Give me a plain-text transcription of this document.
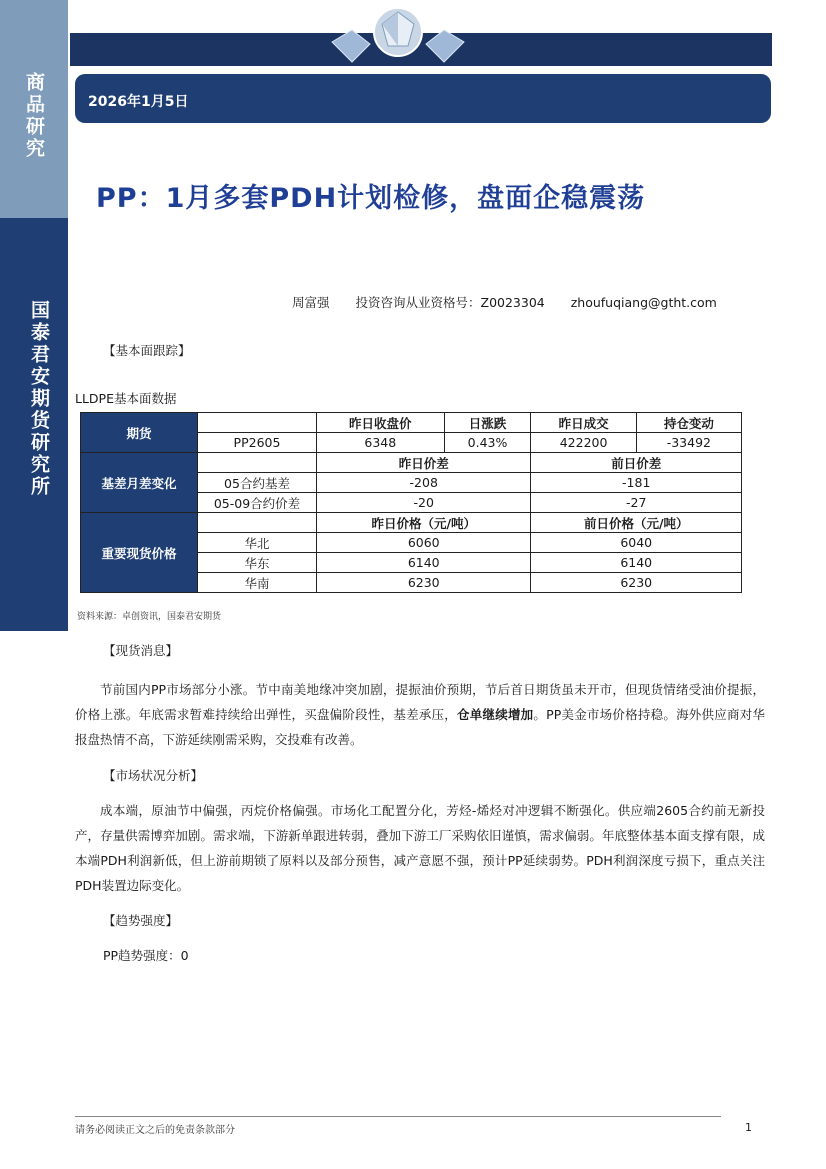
商品研究
国泰君安期货研究所
2026年1月5日
PP：1月多套PDH计划检修，盘面企稳震荡
周富强 投资咨询从业资格号：Z0023304 zhoufuqiang@gtht.com
【基本面跟踪】
LLDPE基本面数据
期货		昨日收盘价	日涨跌	昨日成交	持仓变动
	PP2605	6348	0.43%	422200	-33492
基差月差变化		昨日价差		前日价差	
	05合约基差	-208		-181	
	05-09合约价差	-20		-27	
重要现货价格		昨日价格（元/吨）		前日价格（元/吨）	
	华北	6060		6040	
	华东	6140		6140	
	华南	6230		6230	
资料来源：卓创资讯，国泰君安期货
【现货消息】
节前国内PP市场部分小涨。节中南美地缘冲突加剧，提振油价预期，节后首日期货虽未开市，但现货情绪受油价提振，价格上涨。年底需求暂难持续给出弹性，买盘偏阶段性，基差承压，仓单继续增加。PP美金市场价格持稳。海外供应商对华报盘热情不高，下游延续刚需采购，交投难有改善。
【市场状况分析】
成本端，原油节中偏强，丙烷价格偏强。市场化工配置分化，芳烃-烯烃对冲逻辑不断强化。供应端2605合约前无新投产，存量供需博弈加剧。需求端，下游新单跟进转弱，叠加下游工厂采购依旧谨慎，需求偏弱。年底整体基本面支撑有限，成本端PDH利润新低，但上游前期锁了原料以及部分预售，减产意愿不强，预计PP延续弱势。PDH利润深度亏损下，重点关注PDH装置边际变化。
【趋势强度】
PP趋势强度：0
请务必阅读正文之后的免责条款部分	1
